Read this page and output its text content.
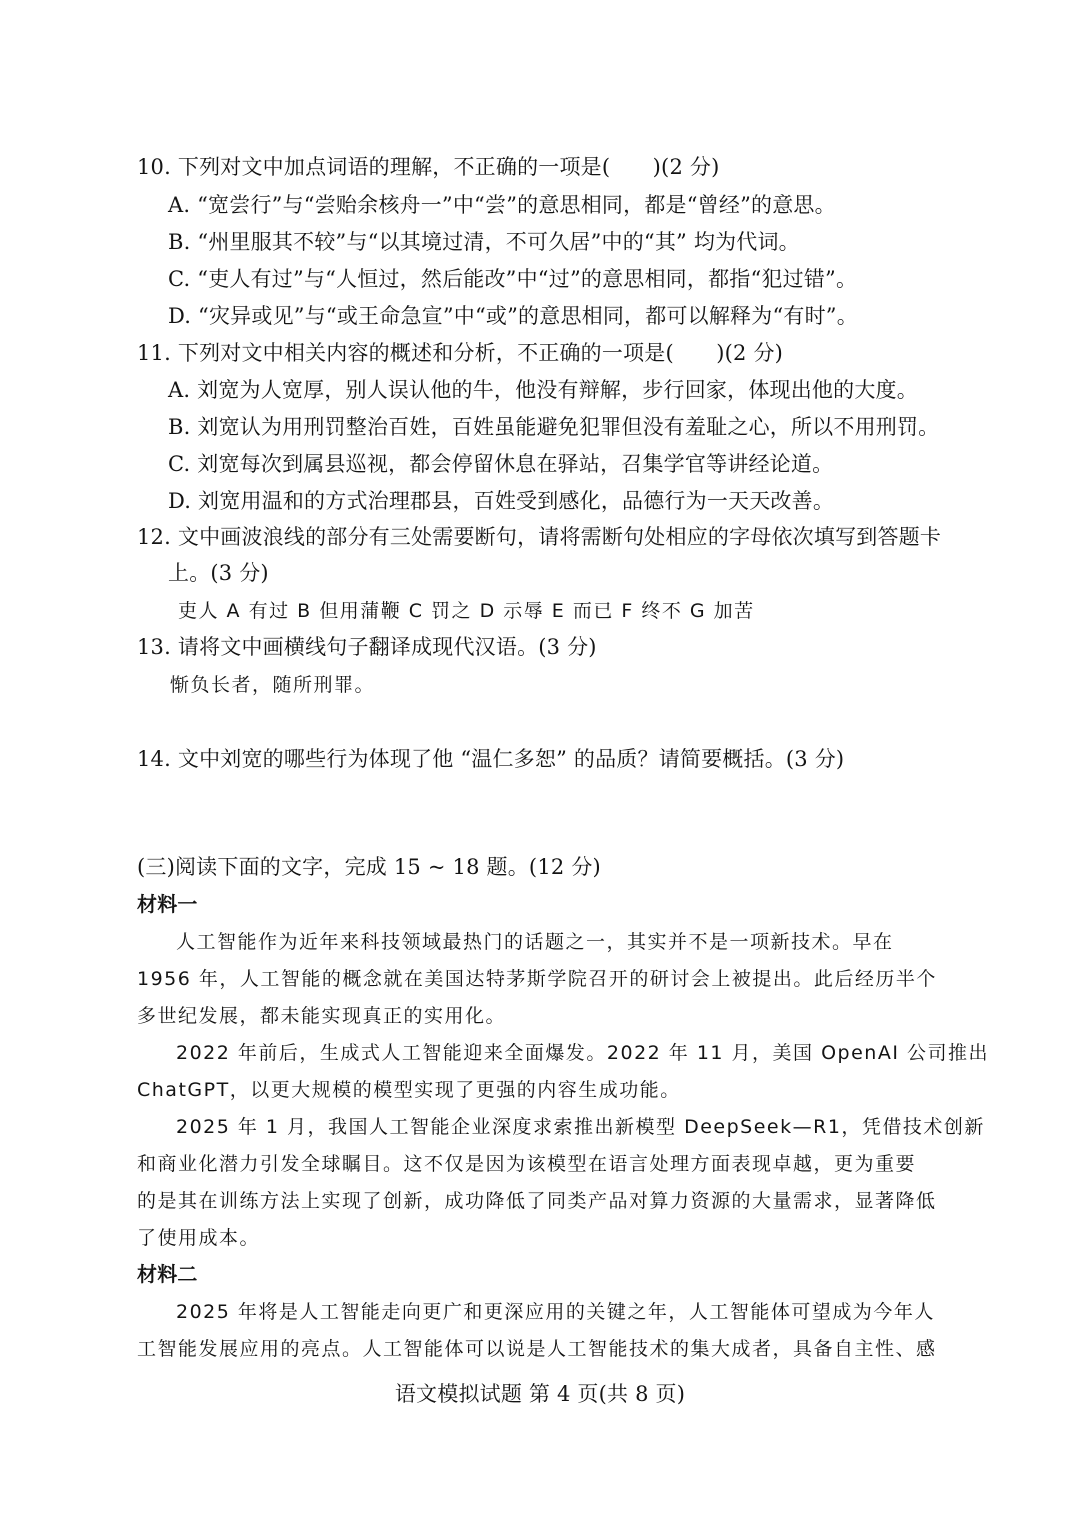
10. 下列对文中加点词语的理解，不正确的一项是(　　)(2 分)
A. “宽尝行”与“尝贻余核舟一”中“尝”的意思相同，都是“曾经”的意思。
B. “州里服其不较”与“以其境过清，不可久居”中的“其” 均为代词。
C. “吏人有过”与“人恒过，然后能改”中“过”的意思相同，都指“犯过错”。
D. “灾异或见”与“或王命急宣”中“或”的意思相同，都可以解释为“有时”。
11. 下列对文中相关内容的概述和分析，不正确的一项是(　　)(2 分)
A. 刘宽为人宽厚，别人误认他的牛，他没有辩解，步行回家，体现出他的大度。
B. 刘宽认为用刑罚整治百姓，百姓虽能避免犯罪但没有羞耻之心，所以不用刑罚。
C. 刘宽每次到属县巡视，都会停留休息在驿站，召集学官等讲经论道。
D. 刘宽用温和的方式治理郡县，百姓受到感化，品德行为一天天改善。
12. 文中画波浪线的部分有三处需要断句，请将需断句处相应的字母依次填写到答题卡
上。(3 分)
吏人 A 有过 B 但用蒲鞭 C 罚之 D 示辱 E 而已 F 终不 G 加苦
13. 请将文中画横线句子翻译成现代汉语。(3 分)
惭负长者，随所刑罪。
14. 文中刘宽的哪些行为体现了他 “温仁多恕” 的品质？请简要概括。(3 分)
(三)阅读下面的文字，完成 15 ~ 18 题。(12 分)
材料一
人工智能作为近年来科技领域最热门的话题之一，其实并不是一项新技术。早在
1956 年，人工智能的概念就在美国达特茅斯学院召开的研讨会上被提出。此后经历半个
多世纪发展，都未能实现真正的实用化。
2022 年前后，生成式人工智能迎来全面爆发。2022 年 11 月，美国 OpenAI 公司推出
ChatGPT，以更大规模的模型实现了更强的内容生成功能。
2025 年 1 月，我国人工智能企业深度求索推出新模型 DeepSeek—R1，凭借技术创新
和商业化潜力引发全球瞩目。这不仅是因为该模型在语言处理方面表现卓越，更为重要
的是其在训练方法上实现了创新，成功降低了同类产品对算力资源的大量需求，显著降低
了使用成本。
材料二
2025 年将是人工智能走向更广和更深应用的关键之年，人工智能体可望成为今年人
工智能发展应用的亮点。人工智能体可以说是人工智能技术的集大成者，具备自主性、感
语文模拟试题 第 4 页(共 8 页)
